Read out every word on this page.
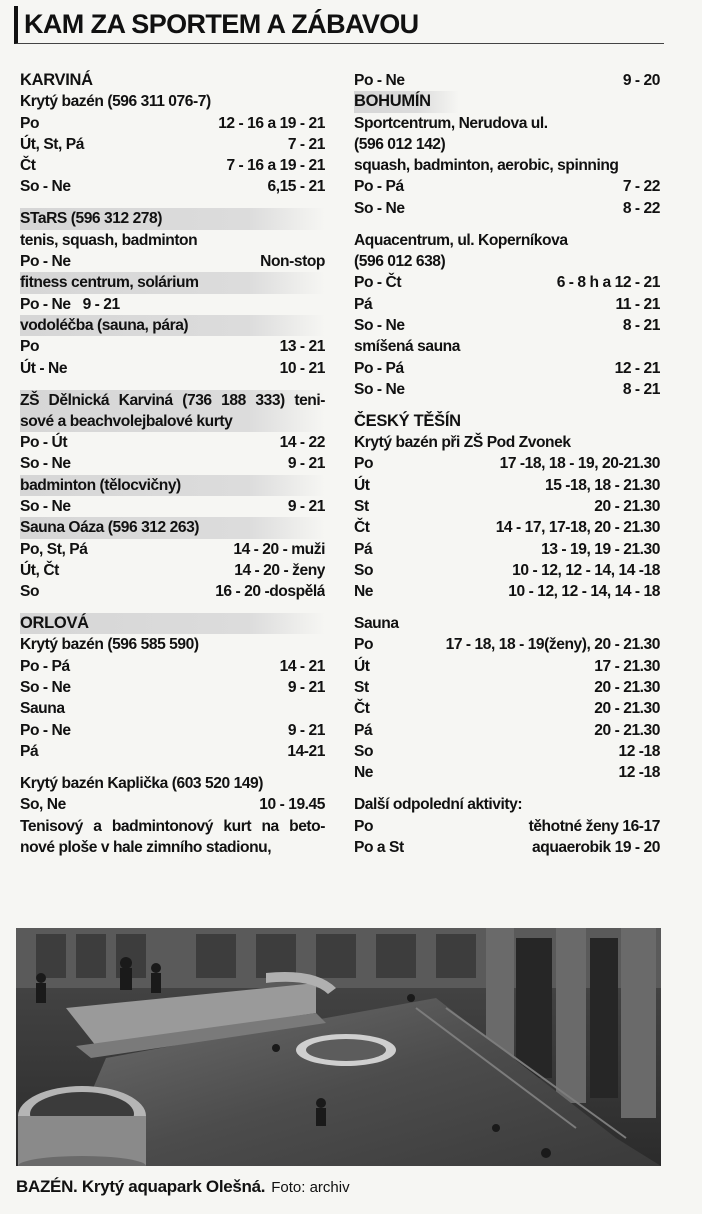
KAM ZA SPORTEM A ZÁBAVOU
KARVINÁ
Krytý bazén (596 311 076-7)
Po	12 - 16 a 19 - 21
Út, St, Pá	7 - 21
Čt	7 - 16 a 19 - 21
So - Ne	6,15 - 21
STaRS (596 312 278)
tenis, squash, badminton
Po - Ne	Non-stop
fitness centrum, solárium
Po - Ne 9 - 21
vodoléčba (sauna, pára)
Po	13 - 21
Út - Ne	10 - 21
ZŠ Dělnická Karviná (736 188 333) teni-
sové a beachvolejbalové kurty
Po - Út	14 - 22
So - Ne	9 - 21
badminton (tělocvičny)
So - Ne	9 - 21
Sauna Oáza (596 312 263)
Po, St, Pá	14 - 20 - muži
Út, Čt	14 - 20 - ženy
So	16 - 20 -dospělá
ORLOVÁ
Krytý bazén (596 585 590)
Po - Pá	14 - 21
So - Ne	9 - 21
Sauna
Po - Ne	9 - 21
Pá	14-21
Krytý bazén Kaplička (603 520 149)
So, Ne	10 - 19.45
Tenisový a badmintonový kurt na beto-
nové ploše v hale zimního stadionu,
Po - Ne	9 - 20
BOHUMÍN
Sportcentrum, Nerudova ul.
(596 012 142)
squash, badminton, aerobic, spinning
Po - Pá	7 - 22
So - Ne	8 - 22
Aquacentrum, ul. Koperníkova
(596 012 638)
Po - Čt	6 - 8 h a 12 - 21
Pá	11 - 21
So - Ne	8 - 21
smíšená sauna
Po - Pá	12 - 21
So - Ne	8 - 21
ČESKÝ TĚŠÍN
Krytý bazén při ZŠ Pod Zvonek
Po	17 -18, 18 - 19, 20-21.30
Út	15 -18, 18 - 21.30
St	20 - 21.30
Čt	14 - 17, 17-18, 20 - 21.30
Pá	13 - 19, 19 - 21.30
So	10 - 12, 12 - 14, 14 -18
Ne	10 - 12, 12 - 14, 14 - 18
Sauna
Po	17 - 18, 18 - 19(ženy), 20 - 21.30
Út	17 - 21.30
St	20 - 21.30
Čt	20 - 21.30
Pá	20 - 21.30
So	12 -18
Ne	12 -18
Další odpolední aktivity:
Po	těhotné ženy 16-17
Po a St	aquaerobik 19 - 20
BAZÉN. Krytý aquapark Olešná. Foto: archiv
